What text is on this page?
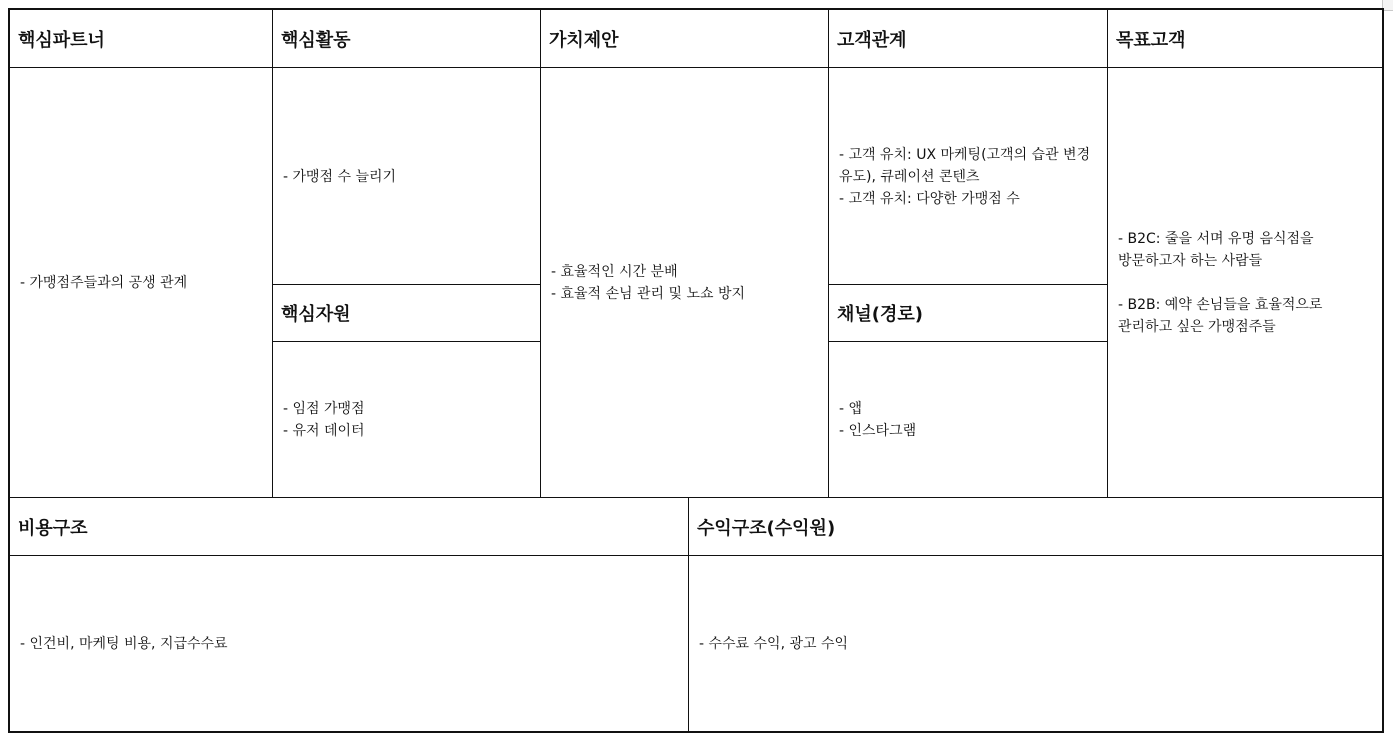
핵심파트너
- 가맹점주들과의 공생 관계
핵심활동
- 가맹점 수 늘리기
핵심자원
- 임점 가맹점
- 유저 데이터
가치제안
- 효율적인 시간 분배
- 효율적 손님 관리 및 노쇼 방지
고객관계
- 고객 유치: UX 마케팅(고객의 습관 변경 유도), 큐레이션 콘텐츠
- 고객 유치: 다양한 가맹점 수
채널(경로)
- 앱
- 인스타그램
목표고객
- B2C: 줄을 서며 유명 음식점을 방문하고자 하는 사람들
- B2B: 예약 손님들을 효율적으로 관리하고 싶은 가맹점주들
비용구조
- 인건비, 마케팅 비용, 지급수수료
수익구조(수익원)
- 수수료 수익, 광고 수익
